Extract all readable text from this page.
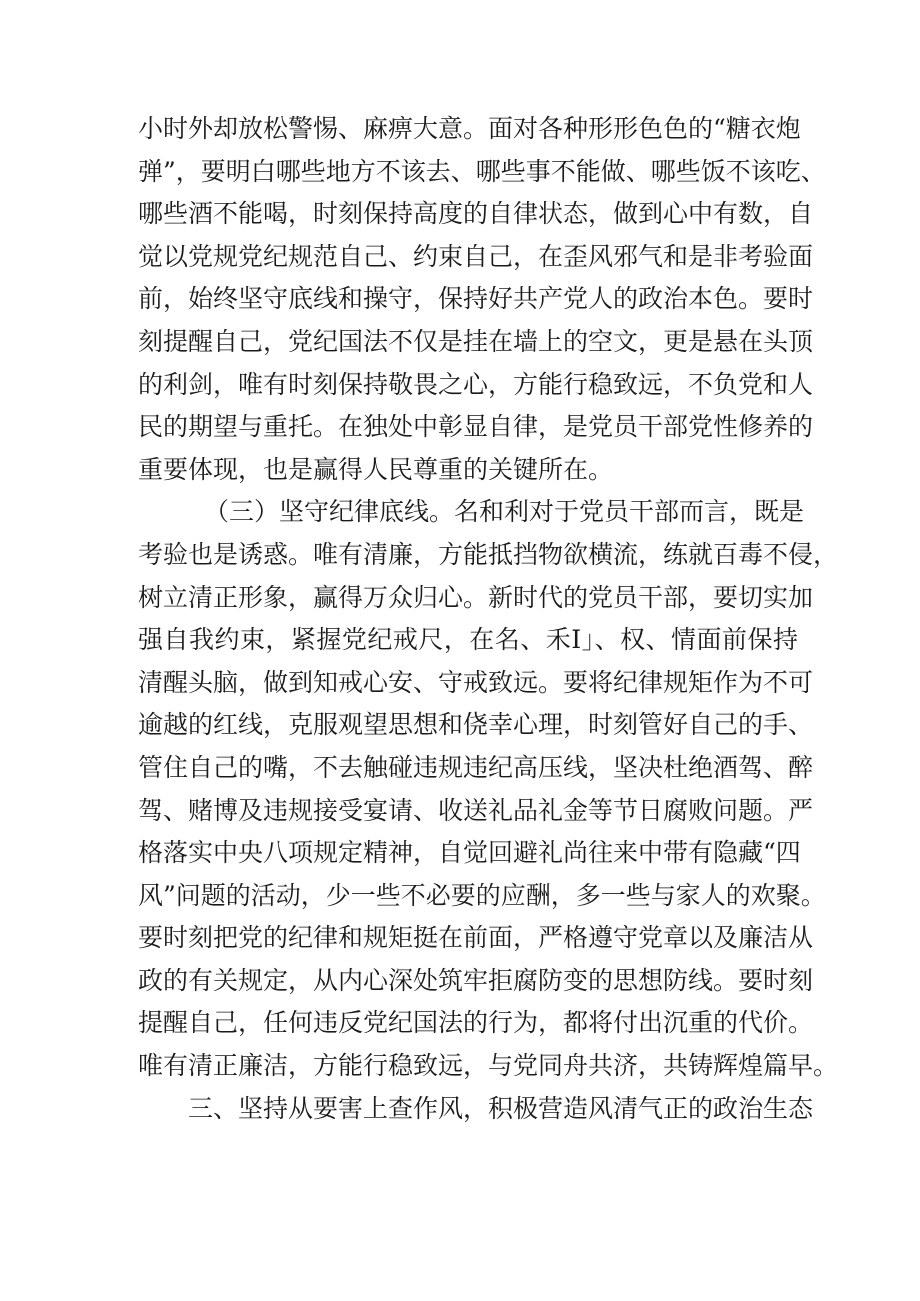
小时外却放松警惕、麻痹大意。面对各种形形色色的“糖衣炮
弹”，要明白哪些地方不该去、哪些事不能做、哪些饭不该吃、
哪些酒不能喝，时刻保持高度的自律状态，做到心中有数，自
觉以党规党纪规范自己、约束自己，在歪风邪气和是非考验面
前，始终坚守底线和操守，保持好共产党人的政治本色。要时
刻提醒自己，党纪国法不仅是挂在墙上的空文，更是悬在头顶
的利剑，唯有时刻保持敬畏之心，方能行稳致远，不负党和人
民的期望与重托。在独处中彰显自律，是党员干部党性修养的
重要体现，也是赢得人民尊重的关键所在。
（三）坚守纪律底线。名和利对于党员干部而言，既是
考验也是诱惑。唯有清廉，方能抵挡物欲横流，练就百毒不侵，
树立清正形象，赢得万众归心。新时代的党员干部，要切实加
强自我约束，紧握党纪戒尺，在名、禾I」、权、情面前保持
清醒头脑，做到知戒心安、守戒致远。要将纪律规矩作为不可
逾越的红线，克服观望思想和侥幸心理，时刻管好自己的手、
管住自己的嘴，不去触碰违规违纪高压线，坚决杜绝酒驾、醉
驾、赌博及违规接受宴请、收送礼品礼金等节日腐败问题。严
格落实中央八项规定精神，自觉回避礼尚往来中带有隐藏“四
风”问题的活动，少一些不必要的应酬，多一些与家人的欢聚。
要时刻把党的纪律和规矩挺在前面，严格遵守党章以及廉洁从
政的有关规定，从内心深处筑牢拒腐防变的思想防线。要时刻
提醒自己，任何违反党纪国法的行为，都将付出沉重的代价。
唯有清正廉洁，方能行稳致远，与党同舟共济，共铸辉煌篇早。
三、坚持从要害上查作风，积极营造风清气正的政治生态
